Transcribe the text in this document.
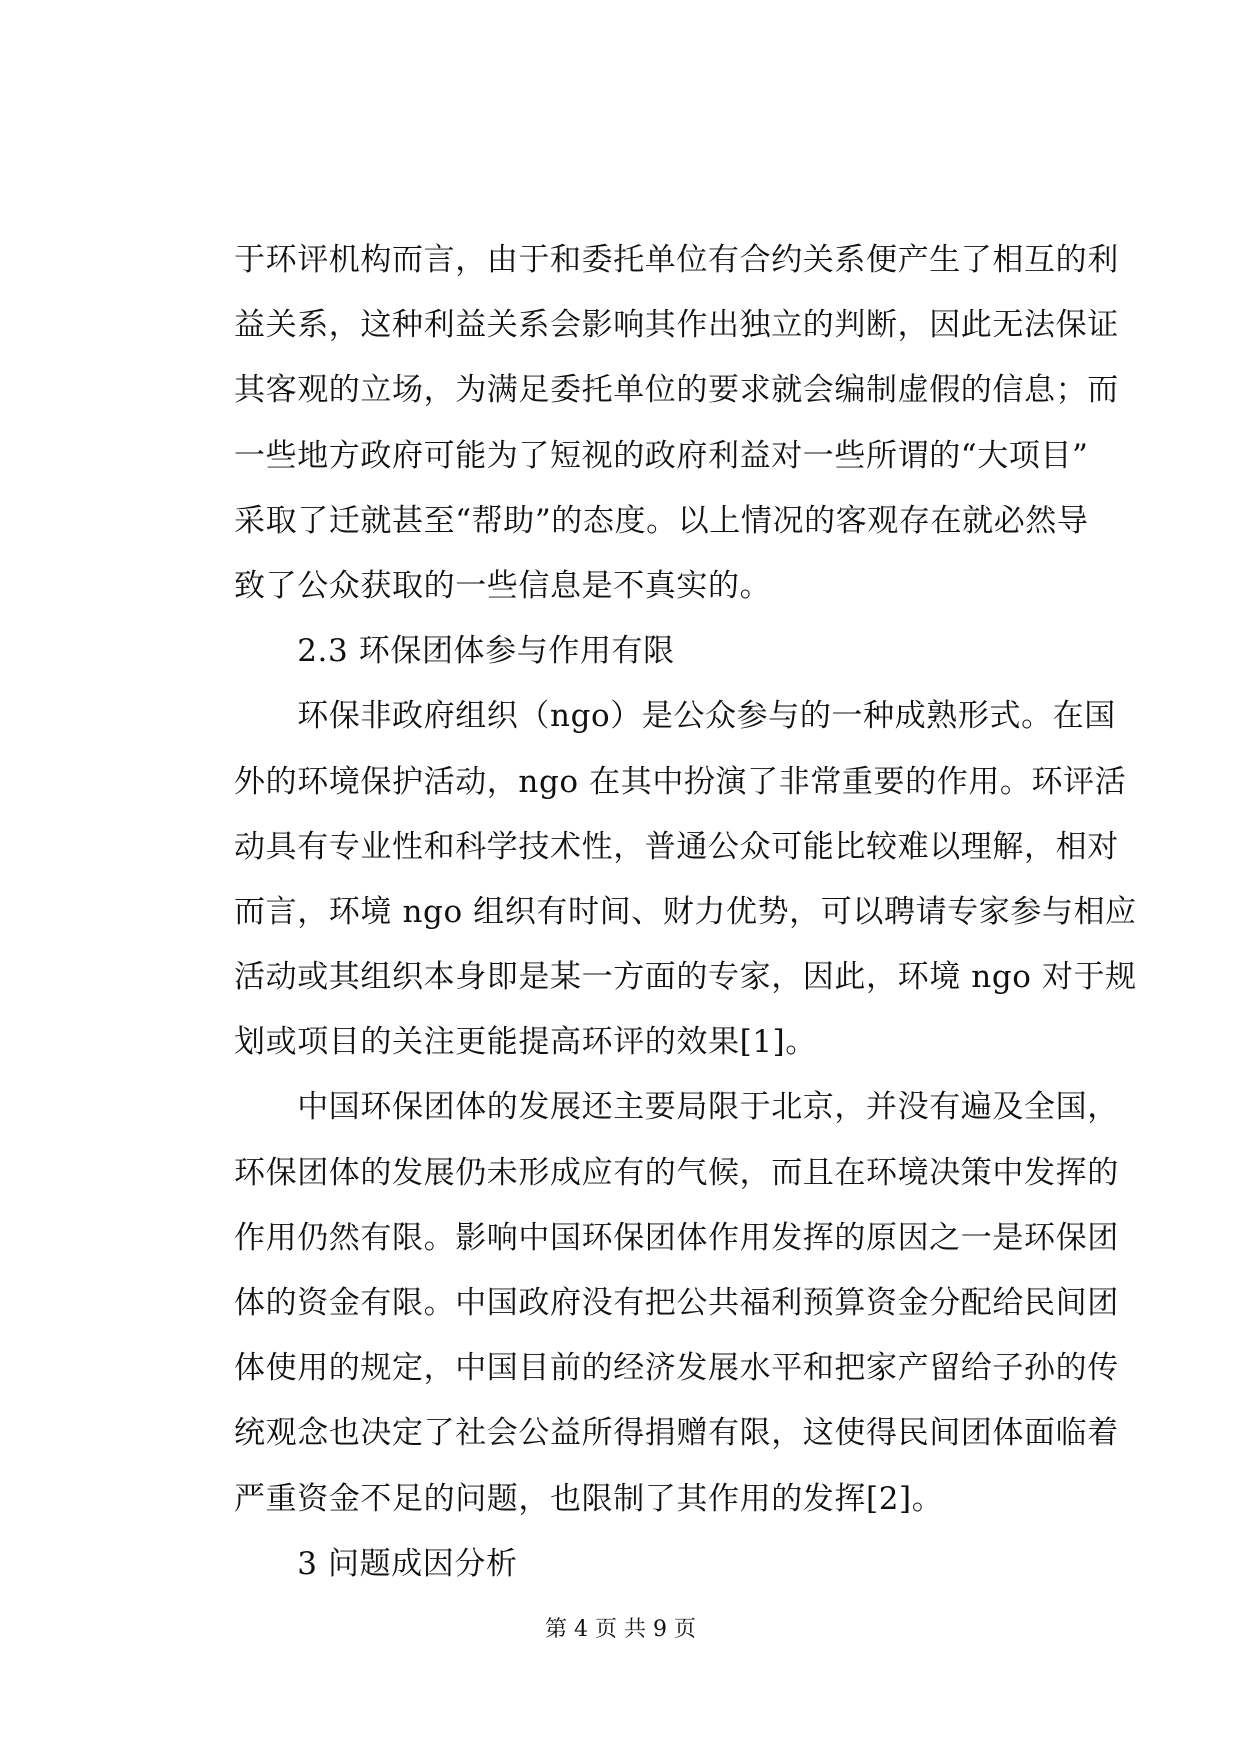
于环评机构而言，由于和委托单位有合约关系便产生了相互的利
益关系，这种利益关系会影响其作出独立的判断，因此无法保证
其客观的立场，为满足委托单位的要求就会编制虚假的信息；而
一些地方政府可能为了短视的政府利益对一些所谓的“大项目”
采取了迁就甚至“帮助”的态度。以上情况的客观存在就必然导
致了公众获取的一些信息是不真实的。
　　2.3 环保团体参与作用有限
　　环保非政府组织（ngo）是公众参与的一种成熟形式。在国
外的环境保护活动，ngo 在其中扮演了非常重要的作用。环评活
动具有专业性和科学技术性，普通公众可能比较难以理解，相对
而言，环境 ngo 组织有时间、财力优势，可以聘请专家参与相应
活动或其组织本身即是某一方面的专家，因此，环境 ngo 对于规
划或项目的关注更能提高环评的效果[1]。
　　中国环保团体的发展还主要局限于北京，并没有遍及全国，
环保团体的发展仍未形成应有的气候，而且在环境决策中发挥的
作用仍然有限。影响中国环保团体作用发挥的原因之一是环保团
体的资金有限。中国政府没有把公共福利预算资金分配给民间团
体使用的规定，中国目前的经济发展水平和把家产留给子孙的传
统观念也决定了社会公益所得捐赠有限，这使得民间团体面临着
严重资金不足的问题，也限制了其作用的发挥[2]。
　　3 问题成因分析
第 4 页 共 9 页
